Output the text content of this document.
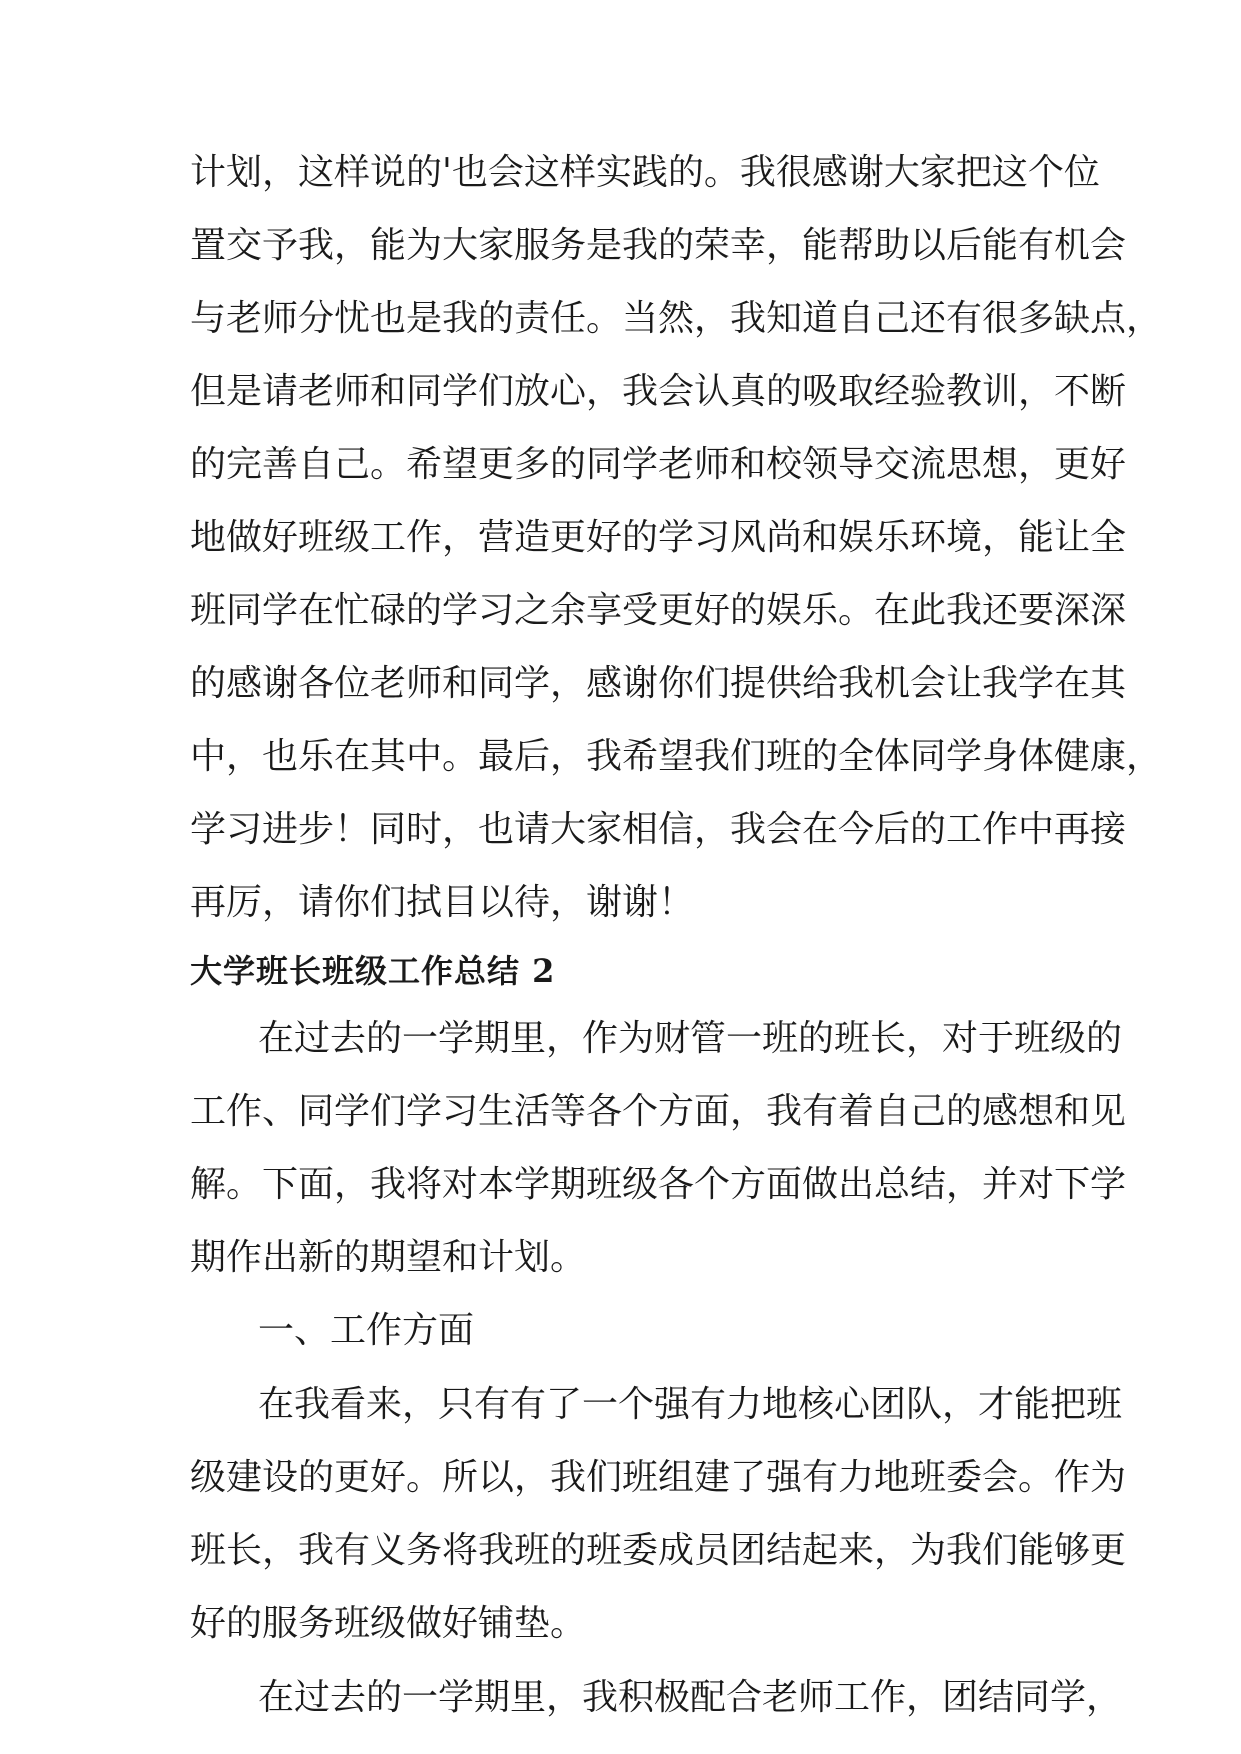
计划，这样说的'也会这样实践的。我很感谢大家把这个位

置交予我，能为大家服务是我的荣幸，能帮助以后能有机会

与老师分忧也是我的责任。当然，我知道自己还有很多缺点，

但是请老师和同学们放心，我会认真的吸取经验教训，不断

的完善自己。希望更多的同学老师和校领导交流思想，更好

地做好班级工作，营造更好的学习风尚和娱乐环境，能让全

班同学在忙碌的学习之余享受更好的娱乐。在此我还要深深

的感谢各位老师和同学，感谢你们提供给我机会让我学在其

中，也乐在其中。最后，我希望我们班的全体同学身体健康，

学习进步！同时，也请大家相信，我会在今后的工作中再接

再厉，请你们拭目以待，谢谢！

大学班长班级工作总结 2

在过去的一学期里，作为财管一班的班长，对于班级的

工作、同学们学习生活等各个方面，我有着自己的感想和见

解。下面，我将对本学期班级各个方面做出总结，并对下学

期作出新的期望和计划。

一、工作方面

在我看来，只有有了一个强有力地核心团队，才能把班

级建设的更好。所以，我们班组建了强有力地班委会。作为

班长，我有义务将我班的班委成员团结起来，为我们能够更

好的服务班级做好铺垫。

在过去的一学期里，我积极配合老师工作，团结同学，
